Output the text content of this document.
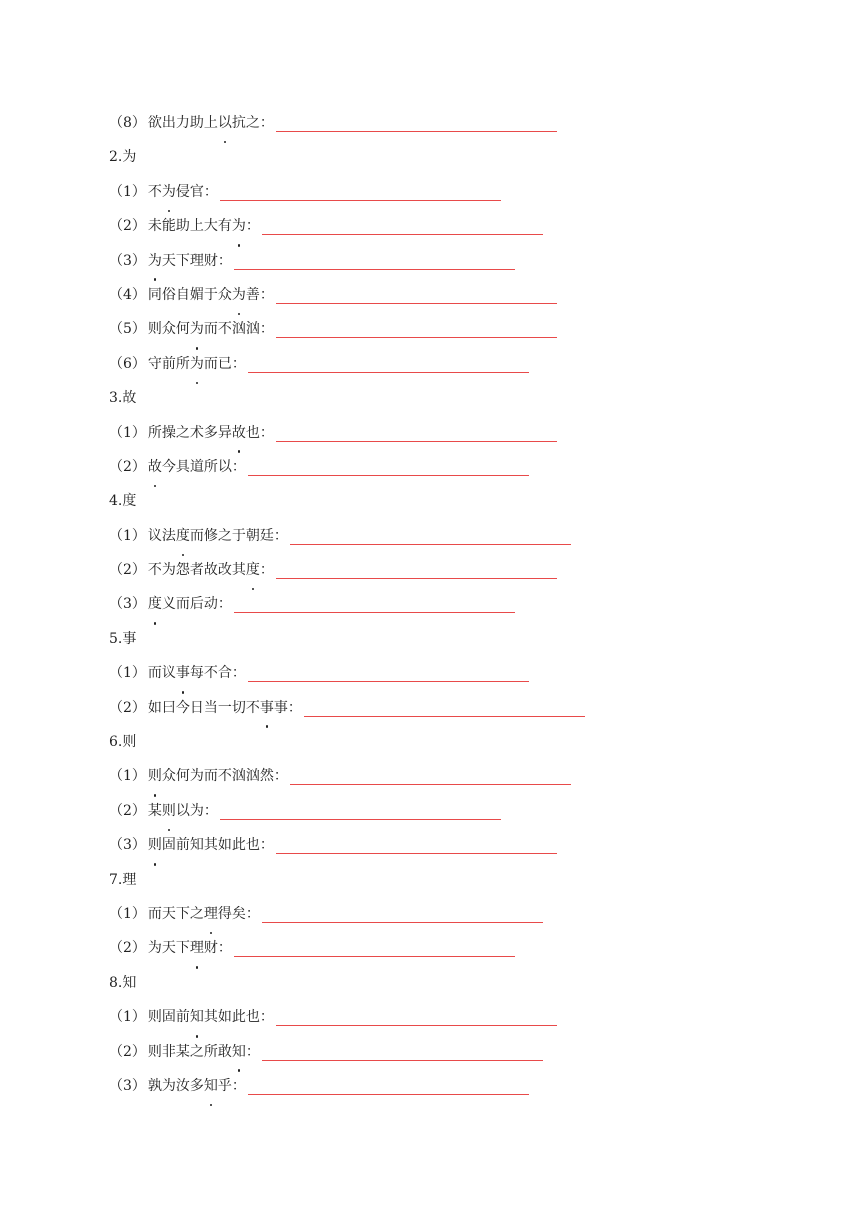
（8） 欲出力助上以抗之：
2.为
（1） 不为侵官：
（2） 未能助上大有为：
（3） 为天下理财：
（4） 同俗自媚于众为善：
（5） 则众何为而不汹汹：
（6） 守前所为而已：
3.故
（1） 所操之术多异故也：
（2） 故今具道所以：
4.度
（1） 议法度而修之于朝廷：
（2） 不为怨者故改其度：
（3） 度义而后动：
5.事
（1） 而议事每不合：
（2） 如曰今日当一切不事事：
6.则
（1） 则众何为而不汹汹然：
（2） 某则以为：
（3） 则固前知其如此也：
7.理
（1） 而天下之理得矣：
（2） 为天下理财：
8.知
（1） 则固前知其如此也：
（2） 则非某之所敢知：
（3） 孰为汝多知乎：
